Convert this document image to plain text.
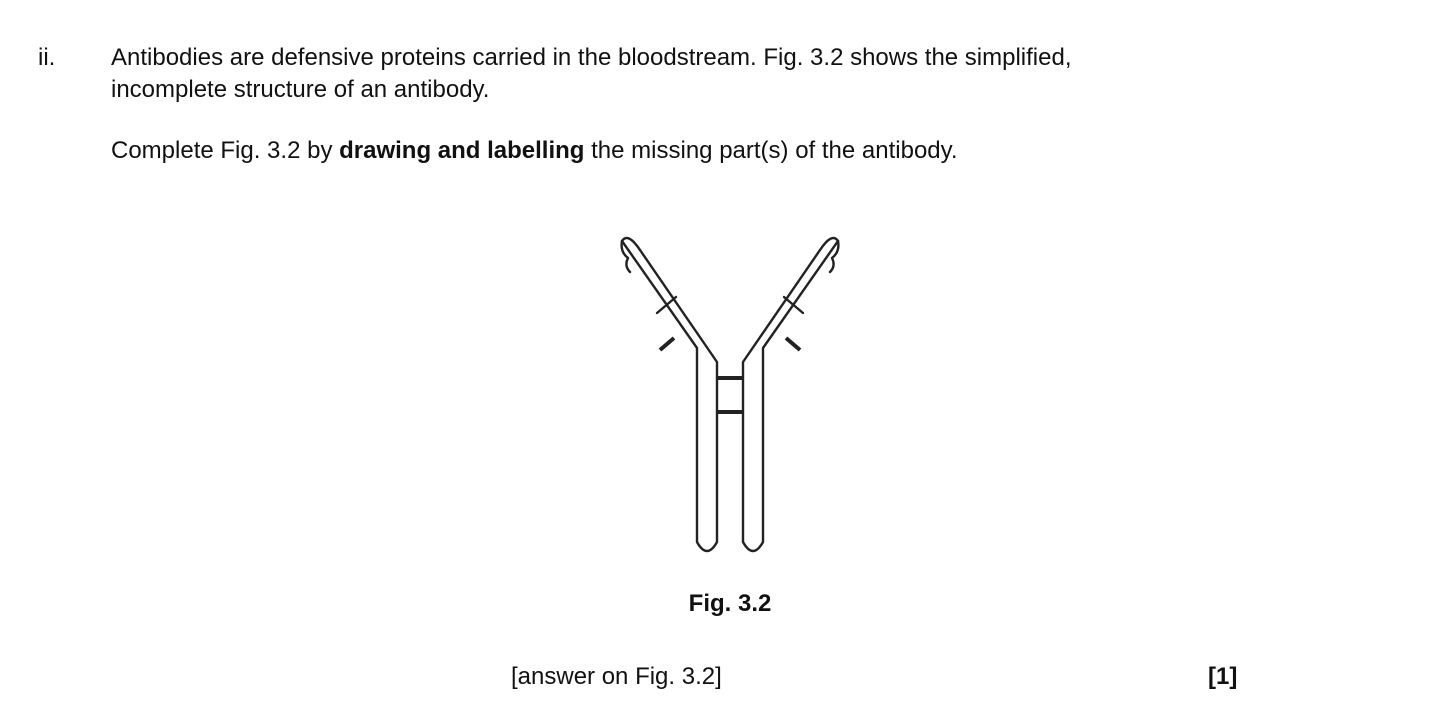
ii. Antibodies are defensive proteins carried in the bloodstream. Fig. 3.2 shows the simplified,
incomplete structure of an antibody.
Complete Fig. 3.2 by drawing and labelling the missing part(s) of the antibody.
Fig. 3.2
[answer on Fig. 3.2]	[1]
